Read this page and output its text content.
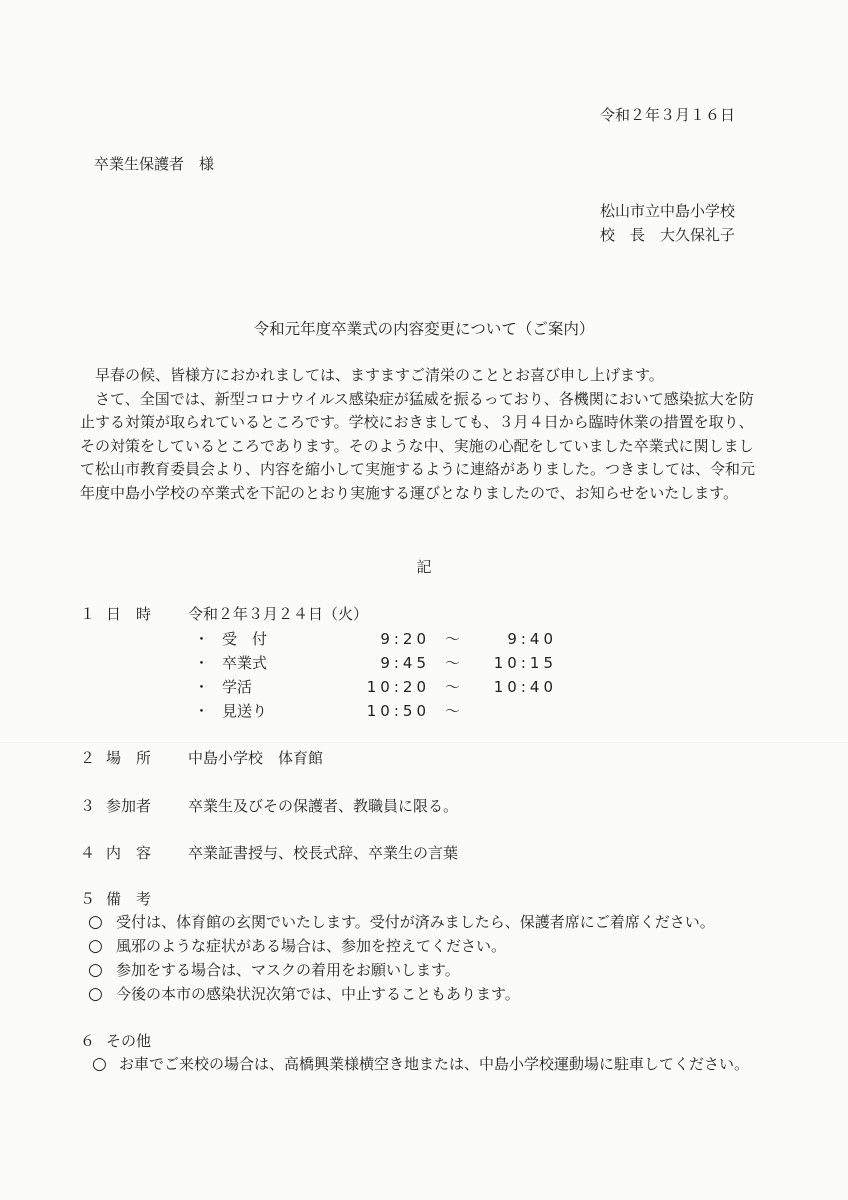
令和２年３月１６日
卒業生保護者　様
松山市立中島小学校
校　長　大久保礼子
令和元年度卒業式の内容変更について（ご案内）

早春の候、皆様方におかれましては、ますますご清栄のこととお喜び申し上げます。

さて、全国では、新型コロナウイルス感染症が猛威を振るっており、各機関において感染拡大を防止する対策が取られているところです。学校におきましても、３月４日から臨時休業の措置を取り、その対策をしているところであります。そのような中、実施の心配をしていました卒業式に関しまして松山市教育委員会より、内容を縮小して実施するように連絡がありました。つきましては、令和元年度中島小学校の卒業式を下記のとおり実施する運びとなりましたので、お知らせをいたします。

記
１ 日　時 令和２年３月２４日（火）
・ 受　付	9:20 ～	9:40
・ 卒業式	9:45 ～	10:15
・ 学活	10:20 ～	10:40
・ 見送り	10:50 ～
２ 場　所 中島小学校　体育館
３ 参加者 卒業生及びその保護者、教職員に限る。
４ 内　容 卒業証書授与、校長式辞、卒業生の言葉
５ 備　考
○ 受付は、体育館の玄関でいたします。受付が済みましたら、保護者席にご着席ください。
○ 風邪のような症状がある場合は、参加を控えてください。
○ 参加をする場合は、マスクの着用をお願いします。
○ 今後の本市の感染状況次第では、中止することもあります。
６ その他
○ お車でご来校の場合は、高橋興業様横空き地または、中島小学校運動場に駐車してください。
